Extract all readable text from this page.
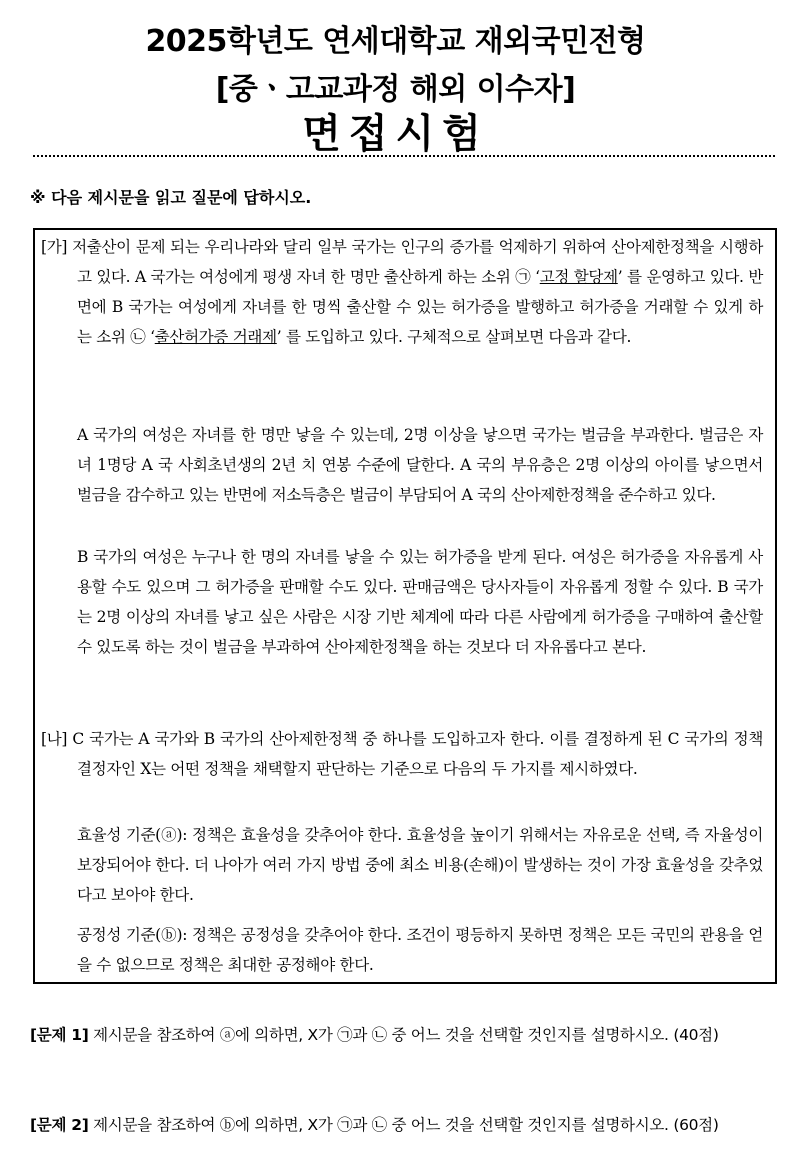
2025학년도 연세대학교 재외국민전형
[중ㆍ고교과정 해외 이수자]
면접시험
※ 다음 제시문을 읽고 질문에 답하시오.
[가] 저출산이 문제 되는 우리나라와 달리 일부 국가는 인구의 증가를 억제하기 위하여 산아제한정책을 시행하고 있다. A 국가는 여성에게 평생 자녀 한 명만 출산하게 하는 소위 ㉠ ‘고정 할당제’ 를 운영하고 있다. 반면에 B 국가는 여성에게 자녀를 한 명씩 출산할 수 있는 허가증을 발행하고 허가증을 거래할 수 있게 하는 소위 ㉡ ‘출산허가증 거래제’ 를 도입하고 있다. 구체적으로 살펴보면 다음과 같다.
A 국가의 여성은 자녀를 한 명만 낳을 수 있는데, 2명 이상을 낳으면 국가는 벌금을 부과한다. 벌금은 자녀 1명당 A 국 사회초년생의 2년 치 연봉 수준에 달한다. A 국의 부유층은 2명 이상의 아이를 낳으면서 벌금을 감수하고 있는 반면에 저소득층은 벌금이 부담되어 A 국의 산아제한정책을 준수하고 있다.
B 국가의 여성은 누구나 한 명의 자녀를 낳을 수 있는 허가증을 받게 된다. 여성은 허가증을 자유롭게 사용할 수도 있으며 그 허가증을 판매할 수도 있다. 판매금액은 당사자들이 자유롭게 정할 수 있다. B 국가는 2명 이상의 자녀를 낳고 싶은 사람은 시장 기반 체계에 따라 다른 사람에게 허가증을 구매하여 출산할 수 있도록 하는 것이 벌금을 부과하여 산아제한정책을 하는 것보다 더 자유롭다고 본다.
[나] C 국가는 A 국가와 B 국가의 산아제한정책 중 하나를 도입하고자 한다. 이를 결정하게 된 C 국가의 정책결정자인 X는 어떤 정책을 채택할지 판단하는 기준으로 다음의 두 가지를 제시하였다.
효율성 기준(ⓐ): 정책은 효율성을 갖추어야 한다. 효율성을 높이기 위해서는 자유로운 선택, 즉 자율성이 보장되어야 한다. 더 나아가 여러 가지 방법 중에 최소 비용(손해)이 발생하는 것이 가장 효율성을 갖추었다고 보아야 한다.
공정성 기준(ⓑ): 정책은 공정성을 갖추어야 한다. 조건이 평등하지 못하면 정책은 모든 국민의 관용을 얻을 수 없으므로 정책은 최대한 공정해야 한다.
[문제 1] 제시문을 참조하여 ⓐ에 의하면, X가 ㉠과 ㉡ 중 어느 것을 선택할 것인지를 설명하시오. (40점)
[문제 2] 제시문을 참조하여 ⓑ에 의하면, X가 ㉠과 ㉡ 중 어느 것을 선택할 것인지를 설명하시오. (60점)
